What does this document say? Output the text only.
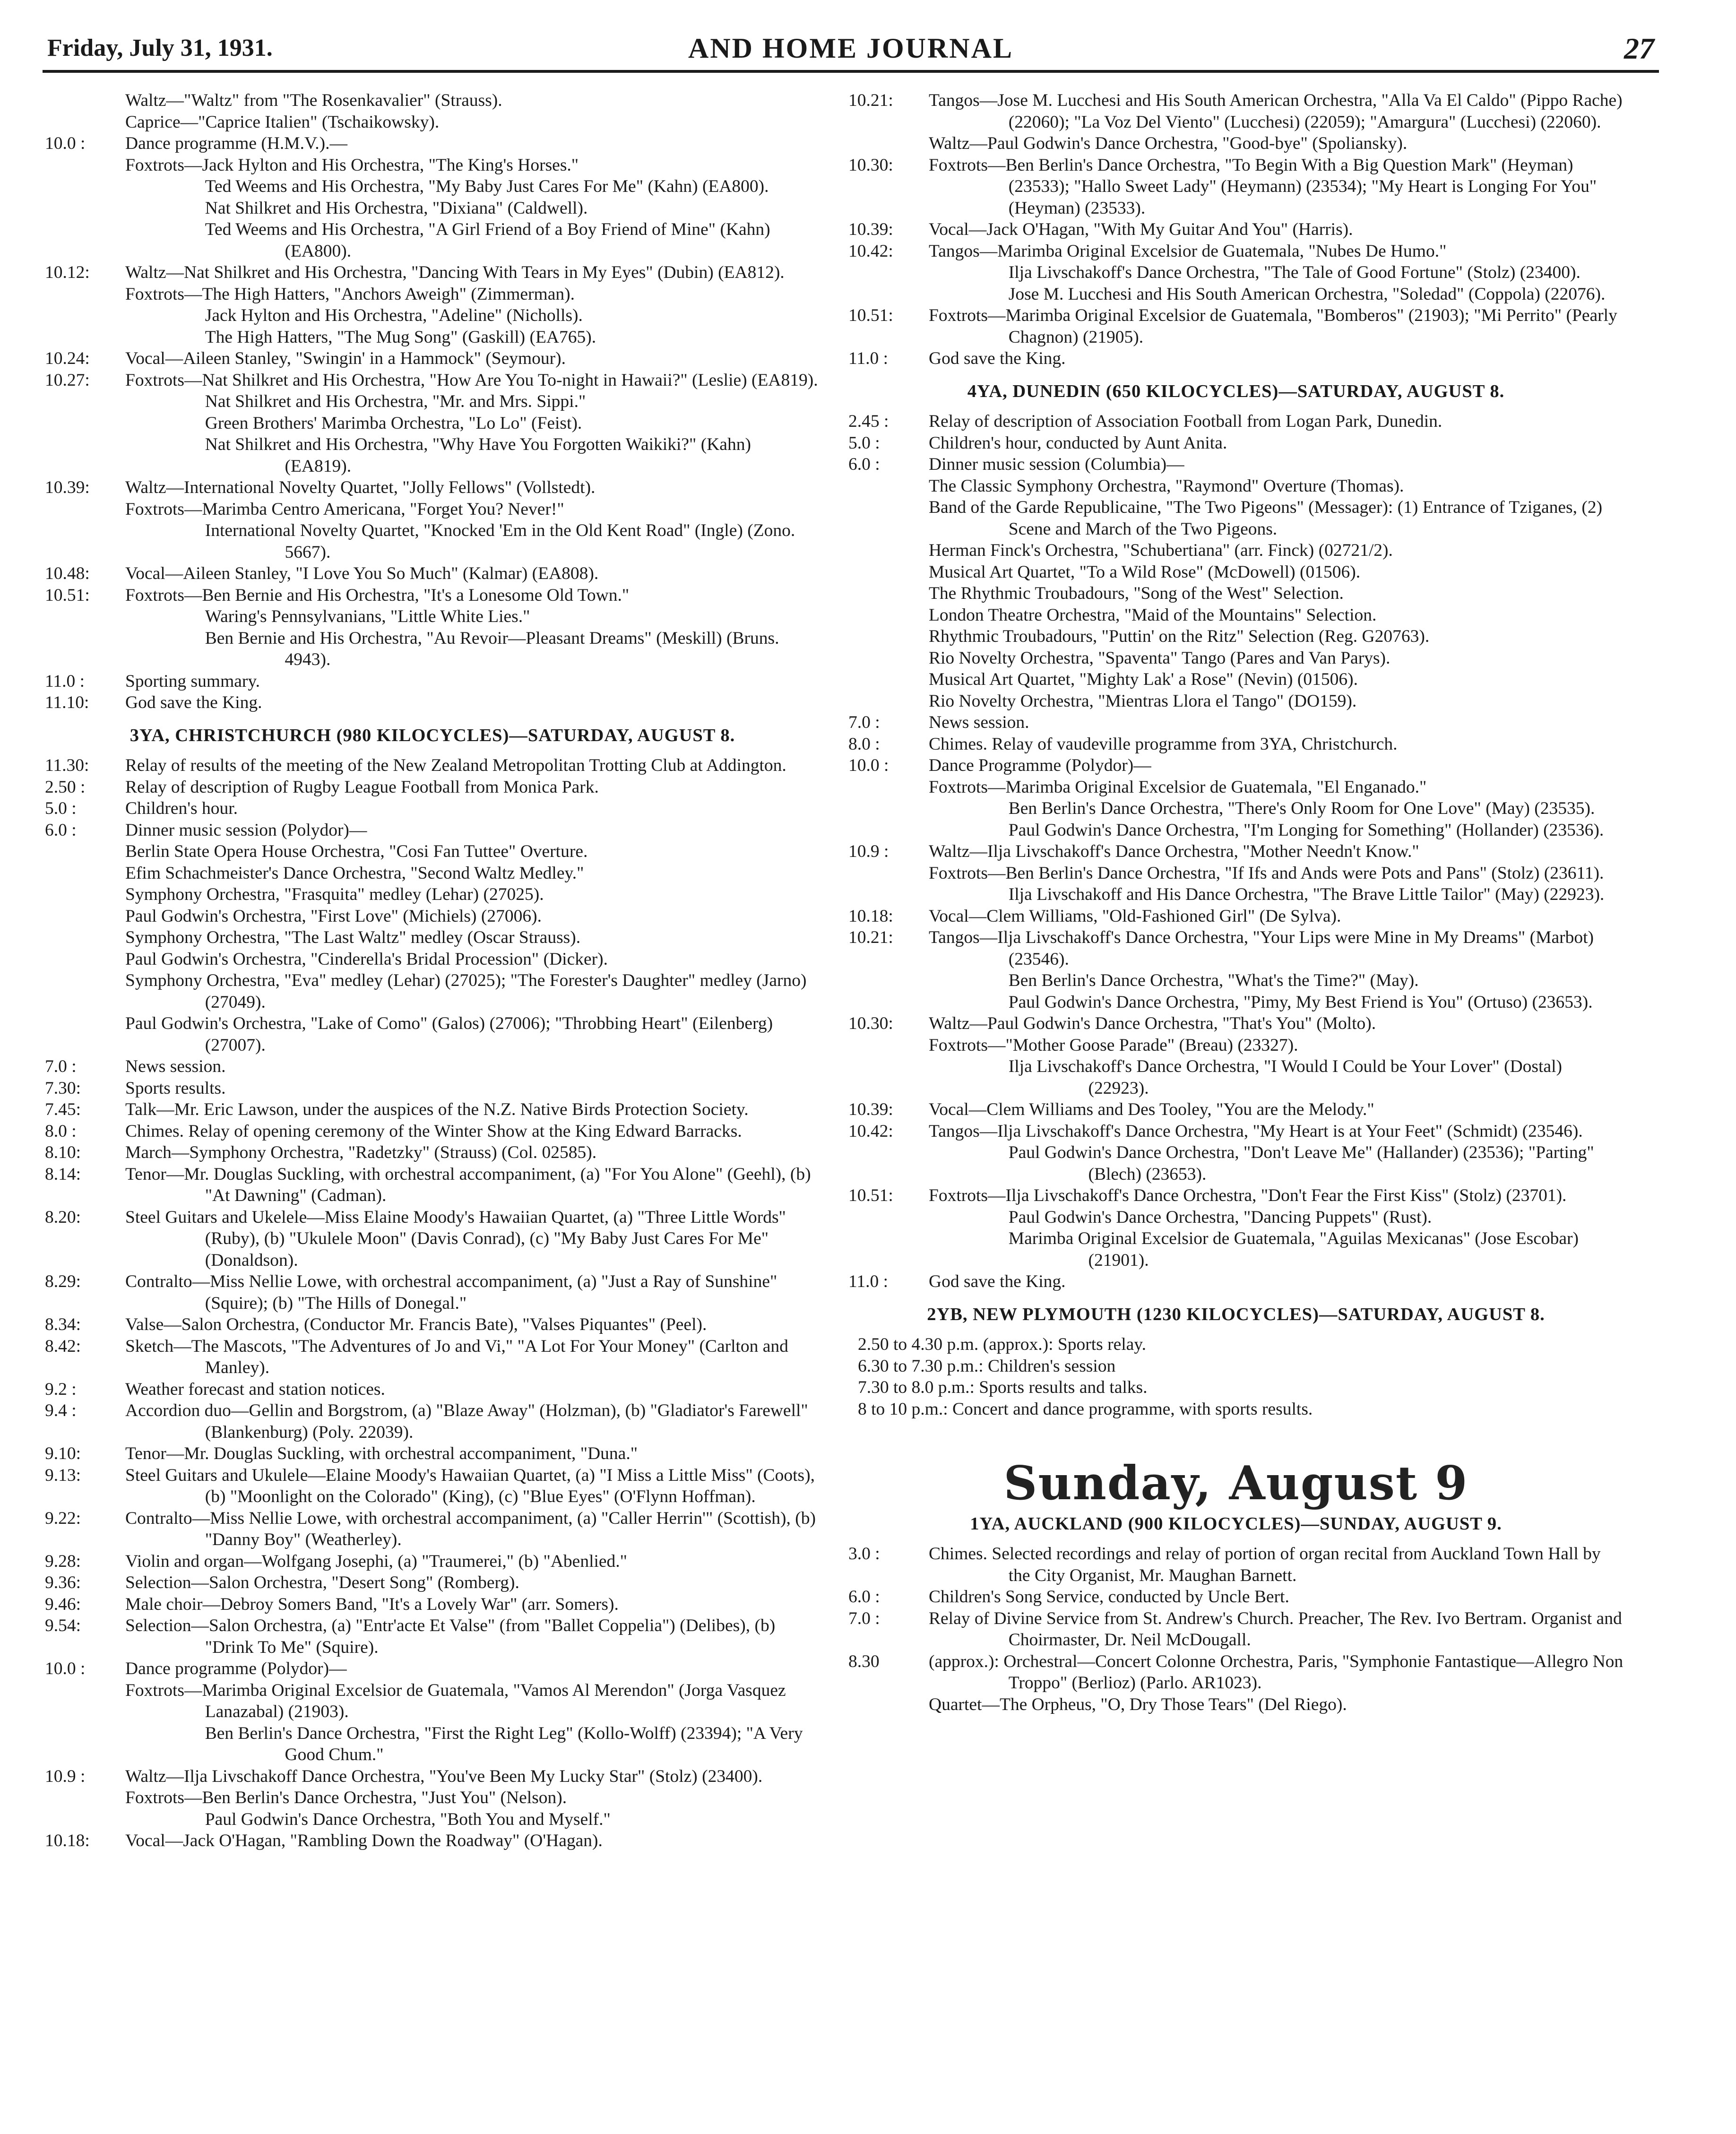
Friday, July 31, 1931.	AND HOME JOURNAL	27
Waltz—"Waltz" from "The Rosenkavalier" (Strauss).
Caprice—"Caprice Italien" (Tschaikowsky).
10.0 :	Dance programme (H.M.V.).—
Foxtrots—Jack Hylton and His Orchestra, "The King's Horses."
Ted Weems and His Orchestra, "My Baby Just Cares For Me" (Kahn) (EA800).
Nat Shilkret and His Orchestra, "Dixiana" (Caldwell).
Ted Weems and His Orchestra, "A Girl Friend of a Boy Friend of Mine" (Kahn) (EA800).
10.12:	Waltz—Nat Shilkret and His Orchestra, "Dancing With Tears in My Eyes" (Dubin) (EA812).
Foxtrots—The High Hatters, "Anchors Aweigh" (Zimmerman).
Jack Hylton and His Orchestra, "Adeline" (Nicholls).
The High Hatters, "The Mug Song" (Gaskill) (EA765).
10.24:	Vocal—Aileen Stanley, "Swingin' in a Hammock" (Seymour).
10.27:	Foxtrots—Nat Shilkret and His Orchestra, "How Are You To-night in Hawaii?" (Leslie) (EA819).
Nat Shilkret and His Orchestra, "Mr. and Mrs. Sippi."
Green Brothers' Marimba Orchestra, "Lo Lo" (Feist).
Nat Shilkret and His Orchestra, "Why Have You Forgotten Waikiki?" (Kahn) (EA819).
10.39:	Waltz—International Novelty Quartet, "Jolly Fellows" (Vollstedt).
Foxtrots—Marimba Centro Americana, "Forget You? Never!"
International Novelty Quartet, "Knocked 'Em in the Old Kent Road" (Ingle) (Zono. 5667).
10.48:	Vocal—Aileen Stanley, "I Love You So Much" (Kalmar) (EA808).
10.51:	Foxtrots—Ben Bernie and His Orchestra, "It's a Lonesome Old Town."
Waring's Pennsylvanians, "Little White Lies."
Ben Bernie and His Orchestra, "Au Revoir—Pleasant Dreams" (Meskill) (Bruns. 4943).
11.0 :	Sporting summary.
11.10:	God save the King.
3YA, CHRISTCHURCH (980 KILOCYCLES)—SATURDAY, AUGUST 8.
11.30:	Relay of results of the meeting of the New Zealand Metropolitan Trotting Club at Addington.
2.50 :	Relay of description of Rugby League Football from Monica Park.
5.0 :	Children's hour.
6.0 :	Dinner music session (Polydor)—
Berlin State Opera House Orchestra, "Cosi Fan Tuttee" Overture.
Efim Schachmeister's Dance Orchestra, "Second Waltz Medley."
Symphony Orchestra, "Frasquita" medley (Lehar) (27025).
Paul Godwin's Orchestra, "First Love" (Michiels) (27006).
Symphony Orchestra, "The Last Waltz" medley (Oscar Strauss).
Paul Godwin's Orchestra, "Cinderella's Bridal Procession" (Dicker).
Symphony Orchestra, "Eva" medley (Lehar) (27025); "The Forester's Daughter" medley (Jarno) (27049).
Paul Godwin's Orchestra, "Lake of Como" (Galos) (27006); "Throbbing Heart" (Eilenberg) (27007).
7.0 :	News session.
7.30:	Sports results.
7.45:	Talk—Mr. Eric Lawson, under the auspices of the N.Z. Native Birds Protection Society.
8.0 :	Chimes. Relay of opening ceremony of the Winter Show at the King Edward Barracks.
8.10:	March—Symphony Orchestra, "Radetzky" (Strauss) (Col. 02585).
8.14:	Tenor—Mr. Douglas Suckling, with orchestral accompaniment, (a) "For You Alone" (Geehl), (b) "At Dawning" (Cadman).
8.20:	Steel Guitars and Ukelele—Miss Elaine Moody's Hawaiian Quartet, (a) "Three Little Words" (Ruby), (b) "Ukulele Moon" (Davis Conrad), (c) "My Baby Just Cares For Me" (Donaldson).
8.29:	Contralto—Miss Nellie Lowe, with orchestral accompaniment, (a) "Just a Ray of Sunshine" (Squire); (b) "The Hills of Donegal."
8.34:	Valse—Salon Orchestra, (Conductor Mr. Francis Bate), "Valses Piquantes" (Peel).
8.42:	Sketch—The Mascots, "The Adventures of Jo and Vi," "A Lot For Your Money" (Carlton and Manley).
9.2 :	Weather forecast and station notices.
9.4 :	Accordion duo—Gellin and Borgstrom, (a) "Blaze Away" (Holzman), (b) "Gladiator's Farewell" (Blankenburg) (Poly. 22039).
9.10:	Tenor—Mr. Douglas Suckling, with orchestral accompaniment, "Duna."
9.13:	Steel Guitars and Ukulele—Elaine Moody's Hawaiian Quartet, (a) "I Miss a Little Miss" (Coots), (b) "Moonlight on the Colorado" (King), (c) "Blue Eyes" (O'Flynn Hoffman).
9.22:	Contralto—Miss Nellie Lowe, with orchestral accompaniment, (a) "Caller Herrin'" (Scottish), (b) "Danny Boy" (Weatherley).
9.28:	Violin and organ—Wolfgang Josephi, (a) "Traumerei," (b) "Abenlied."
9.36:	Selection—Salon Orchestra, "Desert Song" (Romberg).
9.46:	Male choir—Debroy Somers Band, "It's a Lovely War" (arr. Somers).
9.54:	Selection—Salon Orchestra, (a) "Entr'acte Et Valse" (from "Ballet Coppelia") (Delibes), (b) "Drink To Me" (Squire).
10.0 :	Dance programme (Polydor)—
Foxtrots—Marimba Original Excelsior de Guatemala, "Vamos Al Merendon" (Jorga Vasquez Lanazabal) (21903).
Ben Berlin's Dance Orchestra, "First the Right Leg" (Kollo-Wolff) (23394); "A Very Good Chum."
10.9 :	Waltz—Ilja Livschakoff Dance Orchestra, "You've Been My Lucky Star" (Stolz) (23400).
Foxtrots—Ben Berlin's Dance Orchestra, "Just You" (Nelson).
Paul Godwin's Dance Orchestra, "Both You and Myself."
10.18:	Vocal—Jack O'Hagan, "Rambling Down the Roadway" (O'Hagan).
10.21:	Tangos—Jose M. Lucchesi and His South American Orchestra, "Alla Va El Caldo" (Pippo Rache) (22060); "La Voz Del Viento" (Lucchesi) (22059); "Amargura" (Lucchesi) (22060).
Waltz—Paul Godwin's Dance Orchestra, "Good-bye" (Spoliansky).
10.30:	Foxtrots—Ben Berlin's Dance Orchestra, "To Begin With a Big Question Mark" (Heyman) (23533); "Hallo Sweet Lady" (Heymann) (23534); "My Heart is Longing For You" (Heyman) (23533).
10.39:	Vocal—Jack O'Hagan, "With My Guitar And You" (Harris).
10.42:	Tangos—Marimba Original Excelsior de Guatemala, "Nubes De Humo."
Ilja Livschakoff's Dance Orchestra, "The Tale of Good Fortune" (Stolz) (23400).
Jose M. Lucchesi and His South American Orchestra, "Soledad" (Coppola) (22076).
10.51:	Foxtrots—Marimba Original Excelsior de Guatemala, "Bomberos" (21903); "Mi Perrito" (Pearly Chagnon) (21905).
11.0 :	God save the King.
4YA, DUNEDIN (650 KILOCYCLES)—SATURDAY, AUGUST 8.
2.45 :	Relay of description of Association Football from Logan Park, Dunedin.
5.0 :	Children's hour, conducted by Aunt Anita.
6.0 :	Dinner music session (Columbia)—
The Classic Symphony Orchestra, "Raymond" Overture (Thomas).
Band of the Garde Republicaine, "The Two Pigeons" (Messager): (1) Entrance of Tziganes, (2) Scene and March of the Two Pigeons.
Herman Finck's Orchestra, "Schubertiana" (arr. Finck) (02721/2).
Musical Art Quartet, "To a Wild Rose" (McDowell) (01506).
The Rhythmic Troubadours, "Song of the West" Selection.
London Theatre Orchestra, "Maid of the Mountains" Selection.
Rhythmic Troubadours, "Puttin' on the Ritz" Selection (Reg. G20763).
Rio Novelty Orchestra, "Spaventa" Tango (Pares and Van Parys).
Musical Art Quartet, "Mighty Lak' a Rose" (Nevin) (01506).
Rio Novelty Orchestra, "Mientras Llora el Tango" (DO159).
7.0 :	News session.
8.0 :	Chimes. Relay of vaudeville programme from 3YA, Christchurch.
10.0 :	Dance Programme (Polydor)—
Foxtrots—Marimba Original Excelsior de Guatemala, "El Enganado."
Ben Berlin's Dance Orchestra, "There's Only Room for One Love" (May) (23535).
Paul Godwin's Dance Orchestra, "I'm Longing for Something" (Hollander) (23536).
10.9 :	Waltz—Ilja Livschakoff's Dance Orchestra, "Mother Needn't Know."
Foxtrots—Ben Berlin's Dance Orchestra, "If Ifs and Ands were Pots and Pans" (Stolz) (23611).
Ilja Livschakoff and His Dance Orchestra, "The Brave Little Tailor" (May) (22923).
10.18:	Vocal—Clem Williams, "Old-Fashioned Girl" (De Sylva).
10.21:	Tangos—Ilja Livschakoff's Dance Orchestra, "Your Lips were Mine in My Dreams" (Marbot) (23546).
Ben Berlin's Dance Orchestra, "What's the Time?" (May).
Paul Godwin's Dance Orchestra, "Pimy, My Best Friend is You" (Ortuso) (23653).
10.30:	Waltz—Paul Godwin's Dance Orchestra, "That's You" (Molto).
Foxtrots—"Mother Goose Parade" (Breau) (23327).
Ilja Livschakoff's Dance Orchestra, "I Would I Could be Your Lover" (Dostal) (22923).
10.39:	Vocal—Clem Williams and Des Tooley, "You are the Melody."
10.42:	Tangos—Ilja Livschakoff's Dance Orchestra, "My Heart is at Your Feet" (Schmidt) (23546).
Paul Godwin's Dance Orchestra, "Don't Leave Me" (Hallander) (23536); "Parting" (Blech) (23653).
10.51:	Foxtrots—Ilja Livschakoff's Dance Orchestra, "Don't Fear the First Kiss" (Stolz) (23701).
Paul Godwin's Dance Orchestra, "Dancing Puppets" (Rust).
Marimba Original Excelsior de Guatemala, "Aguilas Mexicanas" (Jose Escobar) (21901).
11.0 :	God save the King.
2YB, NEW PLYMOUTH (1230 KILOCYCLES)—SATURDAY, AUGUST 8.
2.50 to 4.30 p.m. (approx.): Sports relay.
6.30 to 7.30 p.m.: Children's session
7.30 to 8.0 p.m.: Sports results and talks.
8 to 10 p.m.: Concert and dance programme, with sports results.
Sunday, August 9
1YA, AUCKLAND (900 KILOCYCLES)—SUNDAY, AUGUST 9.
3.0 :	Chimes. Selected recordings and relay of portion of organ recital from Auckland Town Hall by the City Organist, Mr. Maughan Barnett.
6.0 :	Children's Song Service, conducted by Uncle Bert.
7.0 :	Relay of Divine Service from St. Andrew's Church. Preacher, The Rev. Ivo Bertram. Organist and Choirmaster, Dr. Neil McDougall.
8.30	(approx.): Orchestral—Concert Colonne Orchestra, Paris, "Symphonie Fantastique—Allegro Non Troppo" (Berlioz) (Parlo. AR1023).
Quartet—The Orpheus, "O, Dry Those Tears" (Del Riego).
